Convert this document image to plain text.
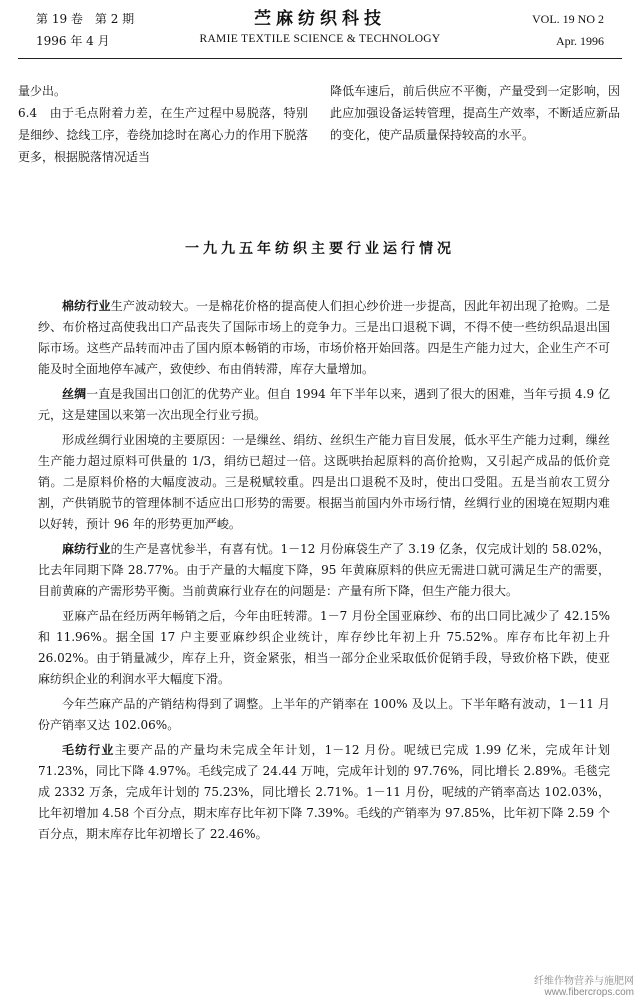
第 19 卷　第 2 期
1996 年 4 月
苎麻纺织科技
RAMIE TEXTILE SCIENCE & TECHNOLOGY
VOL. 19 NO 2
Apr. 1996

量少出。

6.4　由于毛点附着力差，在生产过程中易脱落，特别是细纱、捻线工序，卷绕加捻时在离心力的作用下脱落更多，根据脱落情况适当

降低车速后，前后供应不平衡，产量受到一定影响，因此应加强设备运转管理，提高生产效率，不断适应新品的变化，使产品质量保持较高的水平。

一九九五年纺织主要行业运行情况

棉纺行业生产波动较大。一是棉花价格的提高使人们担心纱价进一步提高，因此年初出现了抢购。二是纱、布价格过高使我出口产品丧失了国际市场上的竞争力。三是出口退税下调，不得不使一些纺织品退出国际市场。这些产品转而冲击了国内原本畅销的市场，市场价格开始回落。四是生产能力过大，企业生产不可能及时全面地停车减产，致使纱、布由俏转滞，库存大量增加。

丝绸一直是我国出口创汇的优势产业。但自 1994 年下半年以来，遇到了很大的困难，当年亏损 4.9 亿元，这是建国以来第一次出现全行业亏损。

形成丝绸行业困境的主要原因：一是缫丝、绢纺、丝织生产能力盲目发展，低水平生产能力过剩，缫丝生产能力超过原料可供量的 1/3，绢纺已超过一倍。这既哄抬起原料的高价抢购，又引起产成品的低价竞销。二是原料价格的大幅度波动。三是税赋较重。四是出口退税不及时，使出口受阻。五是当前农工贸分割，产供销脱节的管理体制不适应出口形势的需要。根据当前国内外市场行情，丝绸行业的困境在短期内难以好转，预计 96 年的形势更加严峻。

麻纺行业的生产是喜忧参半，有喜有忧。1－12 月份麻袋生产了 3.19 亿条，仅完成计划的 58.02%，比去年同期下降 28.77%。由于产量的大幅度下降，95 年黄麻原料的供应无需进口就可满足生产的需要，目前黄麻的产需形势平衡。当前黄麻行业存在的问题是：产量有所下降，但生产能力很大。

亚麻产品在经历两年畅销之后，今年由旺转滞。1－7 月份全国亚麻纱、布的出口同比减少了 42.15% 和 11.96%。据全国 17 户主要亚麻纱织企业统计，库存纱比年初上升 75.52%。库存布比年初上升 26.02%。由于销量减少，库存上升，资金紧张，相当一部分企业采取低价促销手段，导致价格下跌，使亚麻纺织企业的利润水平大幅度下滑。

今年苎麻产品的产销结构得到了调整。上半年的产销率在 100% 及以上。下半年略有波动，1－11 月份产销率又达 102.06%。

毛纺行业主要产品的产量均未完成全年计划，1－12 月份。呢绒已完成 1.99 亿米，完成年计划 71.23%，同比下降 4.97%。毛线完成了 24.44 万吨，完成年计划的 97.76%，同比增长 2.89%。毛毯完成 2332 万条，完成年计划的 75.23%，同比增长 2.71%。1－11 月份，呢绒的产销率高达 102.03%，比年初增加 4.58 个百分点，期末库存比年初下降 7.39%。毛线的产销率为 97.85%，比年初下降 2.59 个百分点，期末库存比年初增长了 22.46%。

纤维作物营养与施肥网
www.fibercrops.com
